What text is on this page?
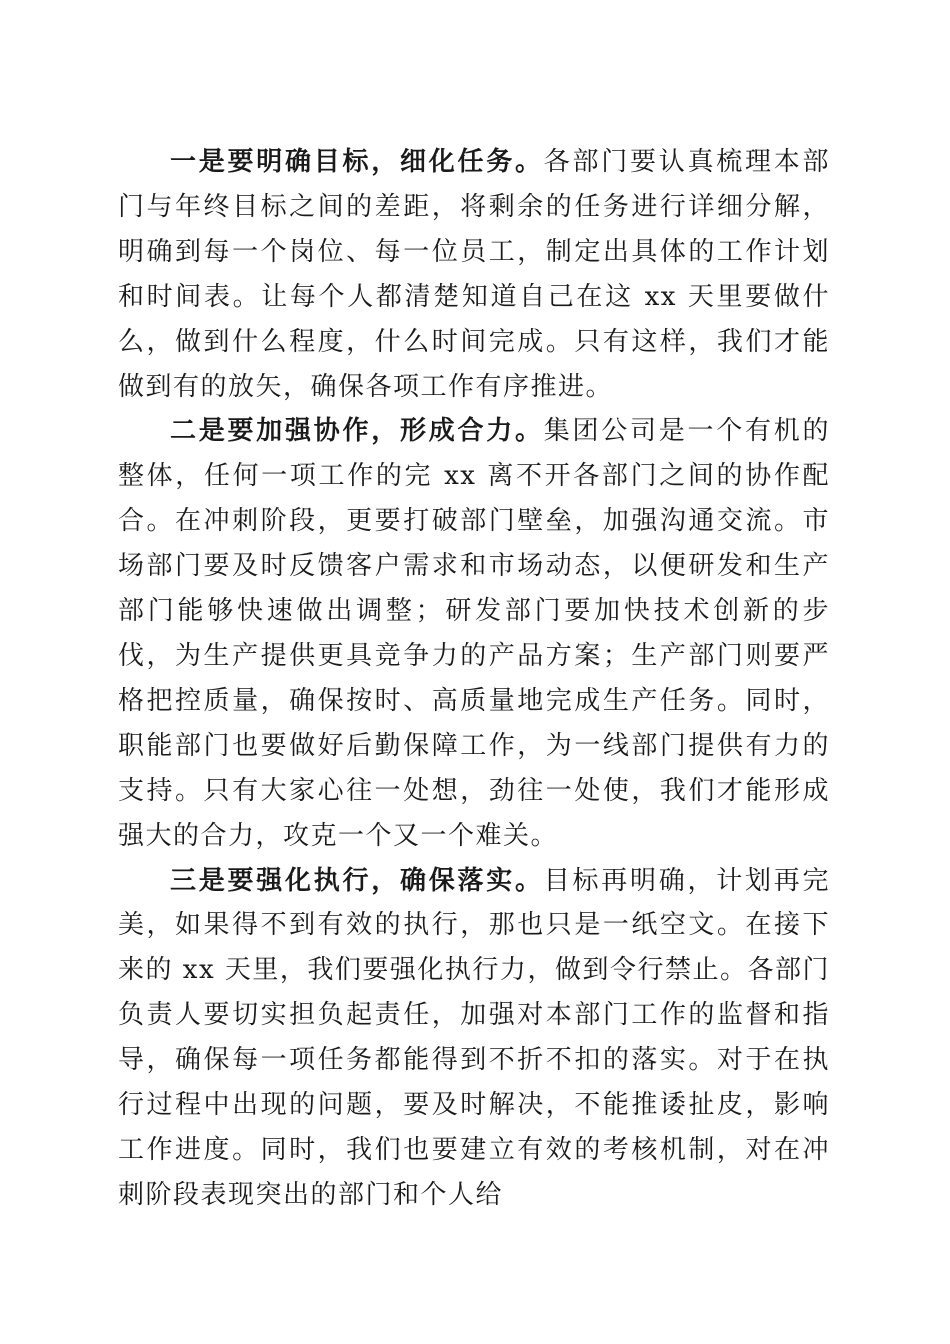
一是要明确目标，细化任务。各部门要认真梳理本部门与年终目标之间的差距，将剩余的任务进行详细分解，明确到每一个岗位、每一位员工，制定出具体的工作计划和时间表。让每个人都清楚知道自己在这 xx 天里要做什么，做到什么程度，什么时间完成。只有这样，我们才能做到有的放矢，确保各项工作有序推进。

二是要加强协作，形成合力。集团公司是一个有机的整体，任何一项工作的完 xx 离不开各部门之间的协作配合。在冲刺阶段，更要打破部门壁垒，加强沟通交流。市场部门要及时反馈客户需求和市场动态，以便研发和生产部门能够快速做出调整；研发部门要加快技术创新的步伐，为生产提供更具竞争力的产品方案；生产部门则要严格把控质量，确保按时、高质量地完成生产任务。同时，职能部门也要做好后勤保障工作，为一线部门提供有力的支持。只有大家心往一处想，劲往一处使，我们才能形成强大的合力，攻克一个又一个难关。

三是要强化执行，确保落实。目标再明确，计划再完美，如果得不到有效的执行，那也只是一纸空文。在接下来的 xx 天里，我们要强化执行力，做到令行禁止。各部门负责人要切实担负起责任，加强对本部门工作的监督和指导，确保每一项任务都能得到不折不扣的落实。对于在执行过程中出现的问题，要及时解决，不能推诿扯皮，影响工作进度。同时，我们也要建立有效的考核机制，对在冲刺阶段表现突出的部门和个人给
